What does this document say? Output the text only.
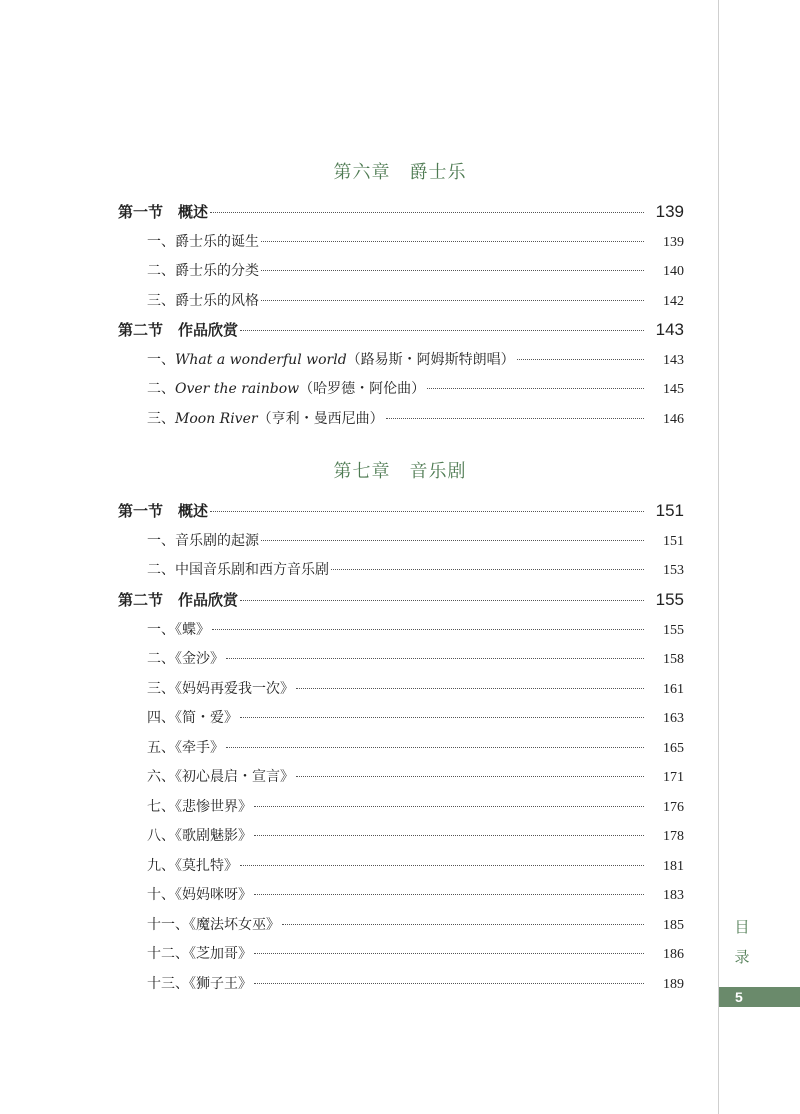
第六章　爵士乐
第一节　概述	139
一、爵士乐的诞生	139
二、爵士乐的分类	140
三、爵士乐的风格	142
第二节　作品欣赏	143
一、What a wonderful world（路易斯・阿姆斯特朗唱）	143
二、Over the rainbow（哈罗德・阿伦曲）	145
三、Moon River（亨利・曼西尼曲）	146
第七章　音乐剧
第一节　概述	151
一、音乐剧的起源	151
二、中国音乐剧和西方音乐剧	153
第二节　作品欣赏	155
一、《蝶》	155
二、《金沙》	158
三、《妈妈再爱我一次》	161
四、《简・爱》	163
五、《牵手》	165
六、《初心晨启・宣言》	171
七、《悲惨世界》	176
八、《歌剧魅影》	178
九、《莫扎特》	181
十、《妈妈咪呀》	183
十一、《魔法坏女巫》	185
十二、《芝加哥》	186
十三、《狮子王》	189
目
录
5
